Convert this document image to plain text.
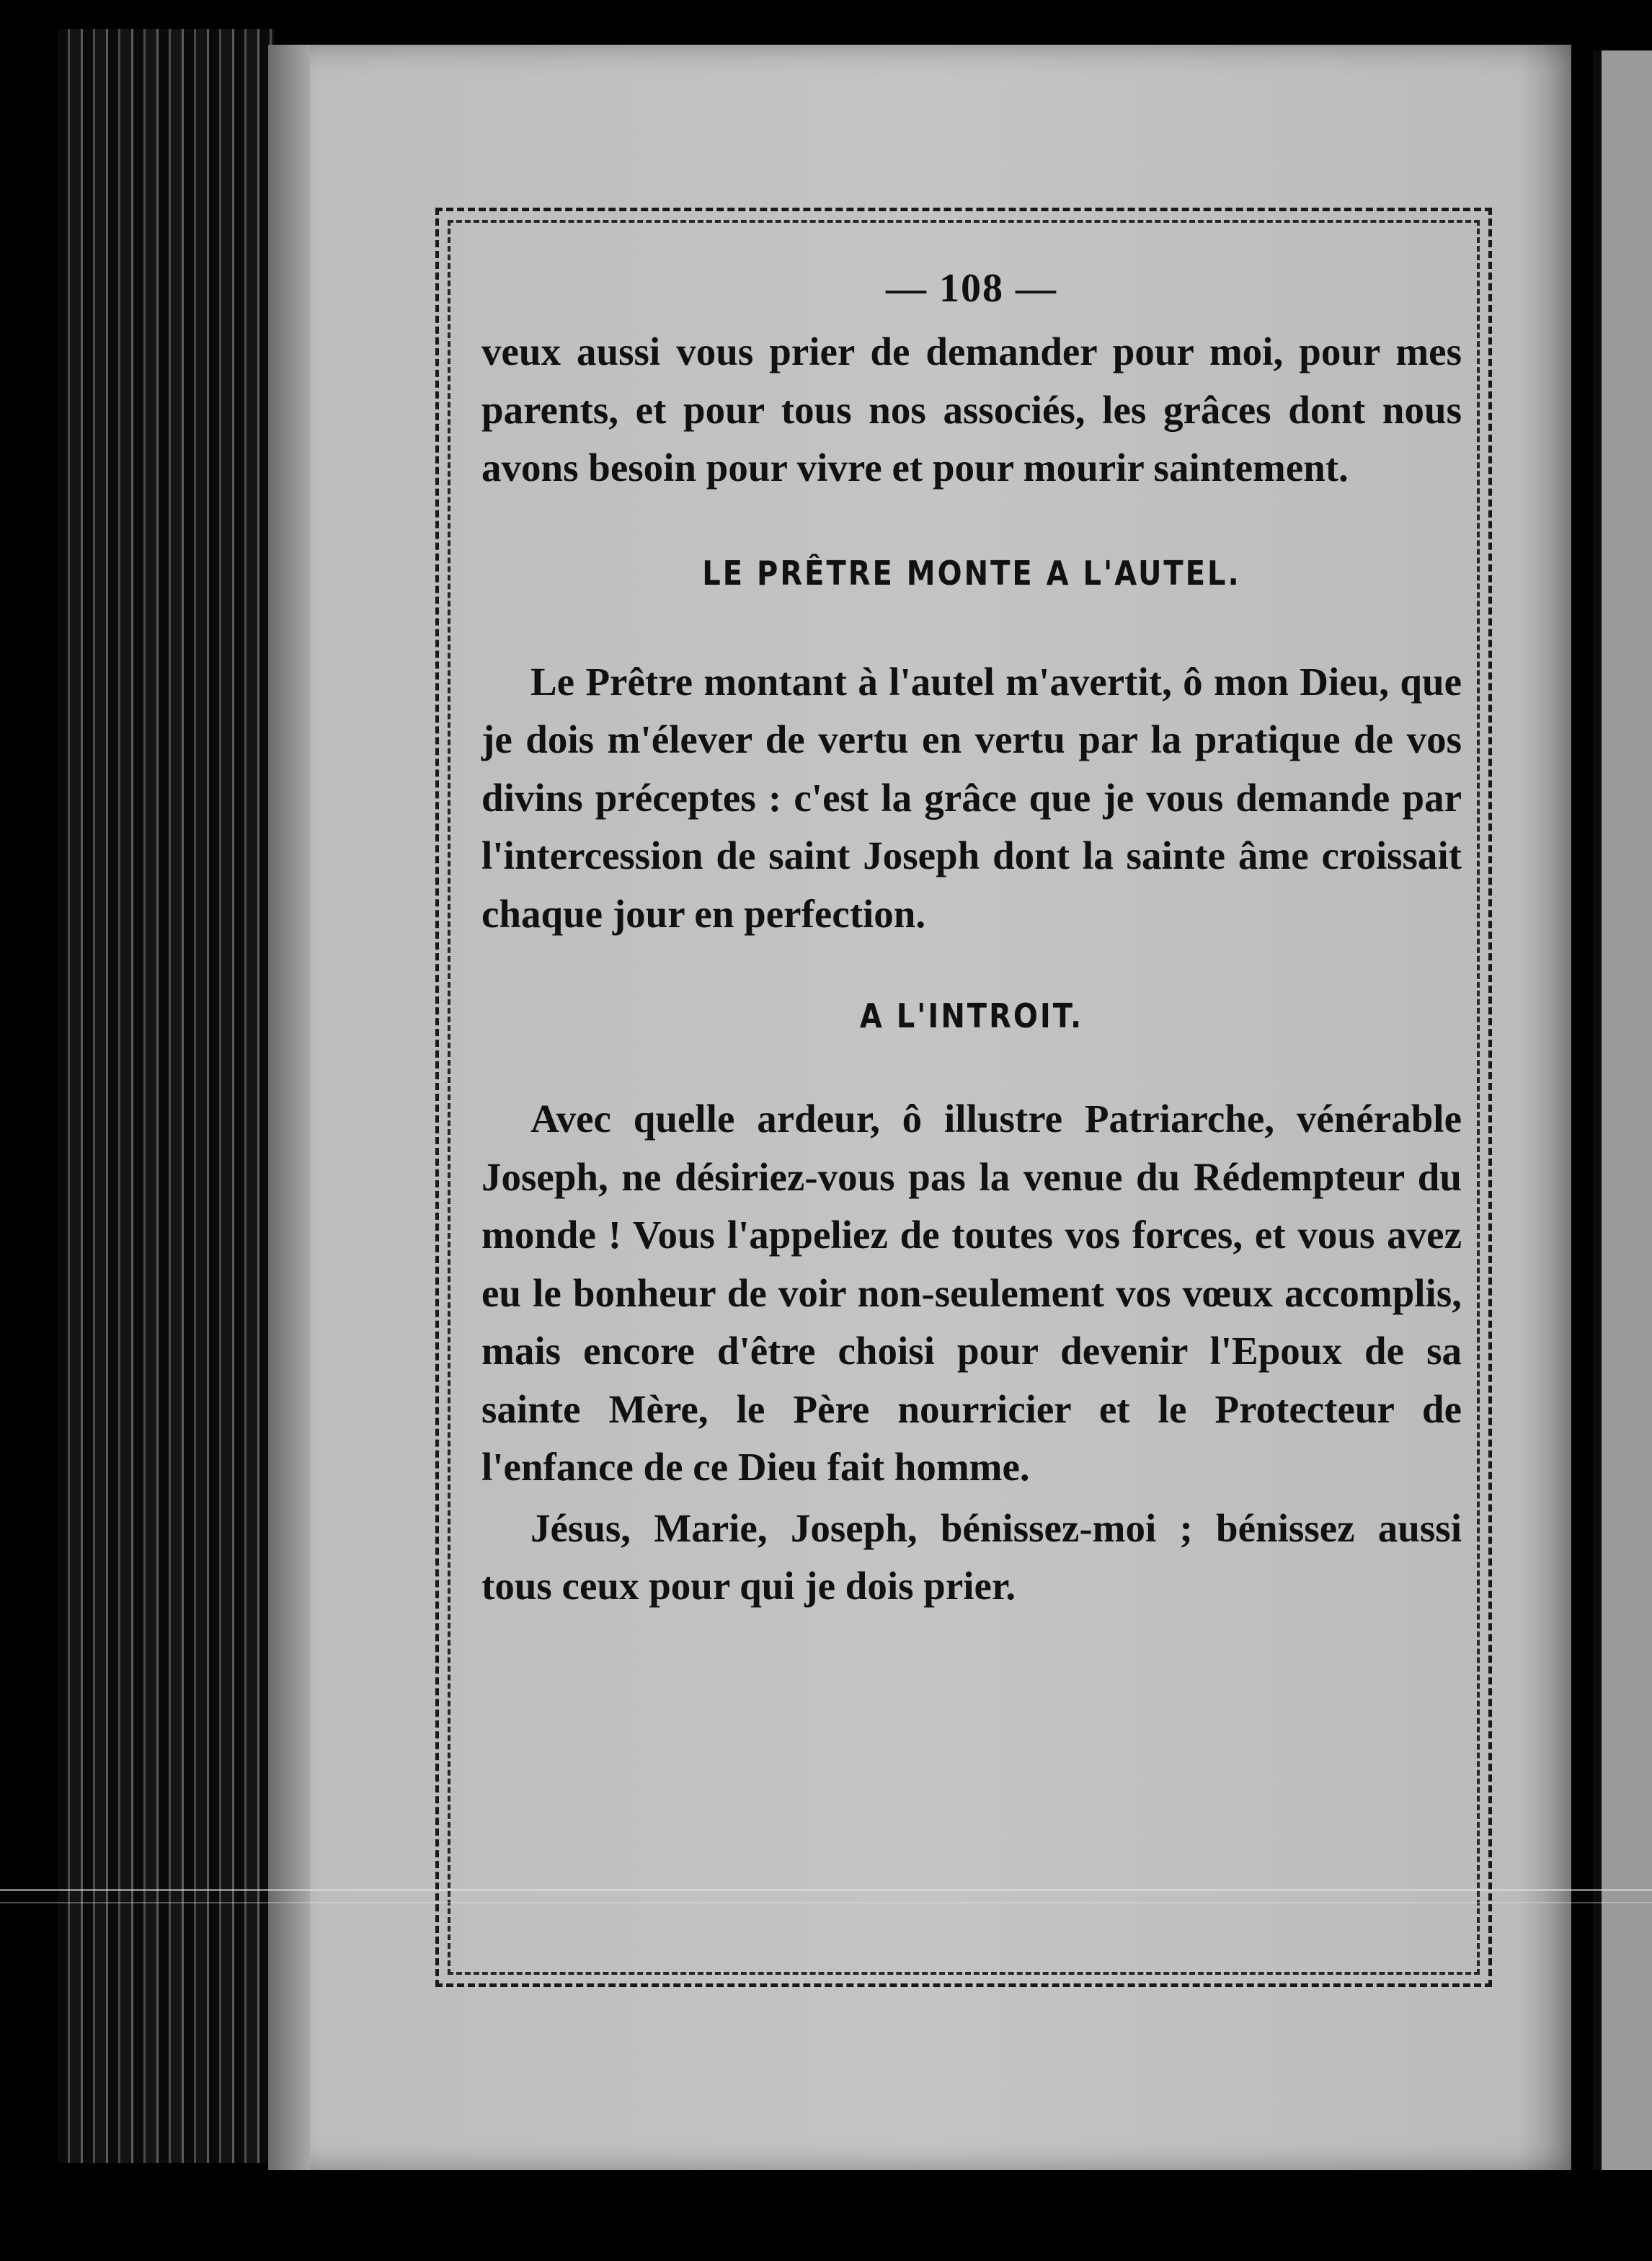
— 108 —

veux aussi vous prier de demander pour moi, pour mes parents, et pour tous nos associés, les grâces dont nous avons besoin pour vivre et pour mourir saintement.

LE PRÊTRE MONTE A L'AUTEL.

Le Prêtre montant à l'autel m'avertit, ô mon Dieu, que je dois m'élever de vertu en vertu par la pratique de vos divins préceptes : c'est la grâce que je vous demande par l'intercession de saint Joseph dont la sainte âme croissait chaque jour en perfection.

A L'INTROIT.

Avec quelle ardeur, ô illustre Patriarche, vénérable Joseph, ne désiriez-vous pas la venue du Rédempteur du monde ! Vous l'appeliez de toutes vos forces, et vous avez eu le bonheur de voir non-seulement vos vœux accomplis, mais encore d'être choisi pour devenir l'Epoux de sa sainte Mère, le Père nourricier et le Protecteur de l'enfance de ce Dieu fait homme.

Jésus, Marie, Joseph, bénissez-moi ; bénissez aussi tous ceux pour qui je dois prier.
